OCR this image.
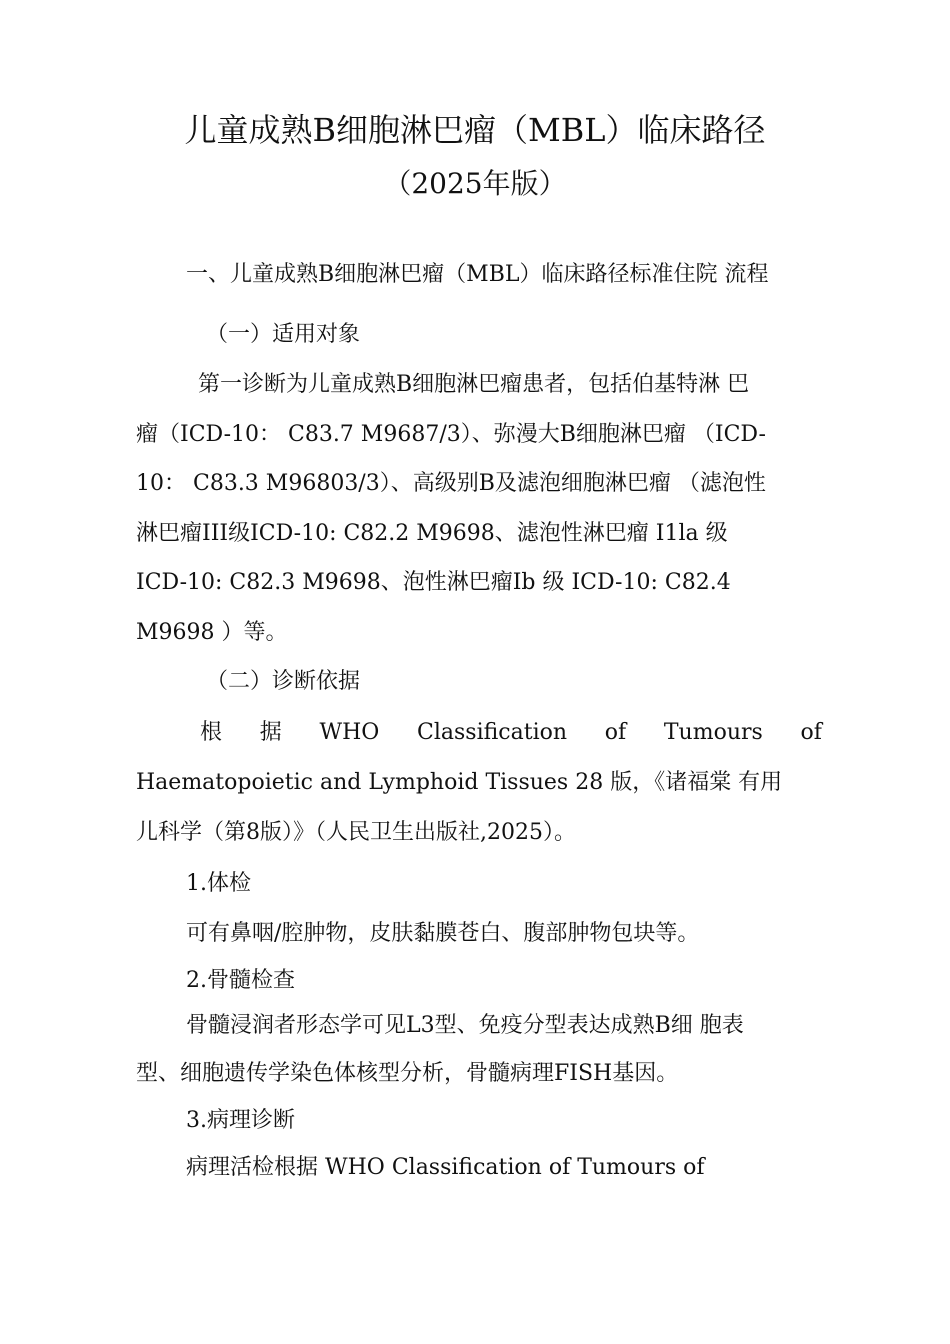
儿童成熟B细胞淋巴瘤（MBL）临床路径
（2025年版）
一、儿童成熟B细胞淋巴瘤（MBL）临床路径标准住院 流程
（一）适用对象
第一诊断为儿童成熟B细胞淋巴瘤患者，包括伯基特淋 巴
瘤（ICD-10： C83.7 M9687/3）、弥漫大B细胞淋巴瘤 （ICD-
10： C83.3 M96803/3）、高级别B及滤泡细胞淋巴瘤 （滤泡性
淋巴瘤III级ICD-10: C82.2 M9698、滤泡性淋巴瘤 I1la 级
ICD-10: C82.3 M9698、泡性淋巴瘤Ib 级 ICD-10: C82.4
M9698 ）等。
（二）诊断依据
根 据 WHO Classification of Tumours of
Haematopoietic and Lymphoid Tissues 28 版，《诸福棠 有用
儿科学（第8版）》（人民卫生出版社,2025）。
1.体检
可有鼻咽/腔肿物，皮肤黏膜苍白、腹部肿物包块等。
2.骨髓检查
骨髓浸润者形态学可见L3型、免疫分型表达成熟B细 胞表
型、细胞遗传学染色体核型分析，骨髓病理FISH基因。
3.病理诊断
病理活检根据 WHO Classification of Tumours of
